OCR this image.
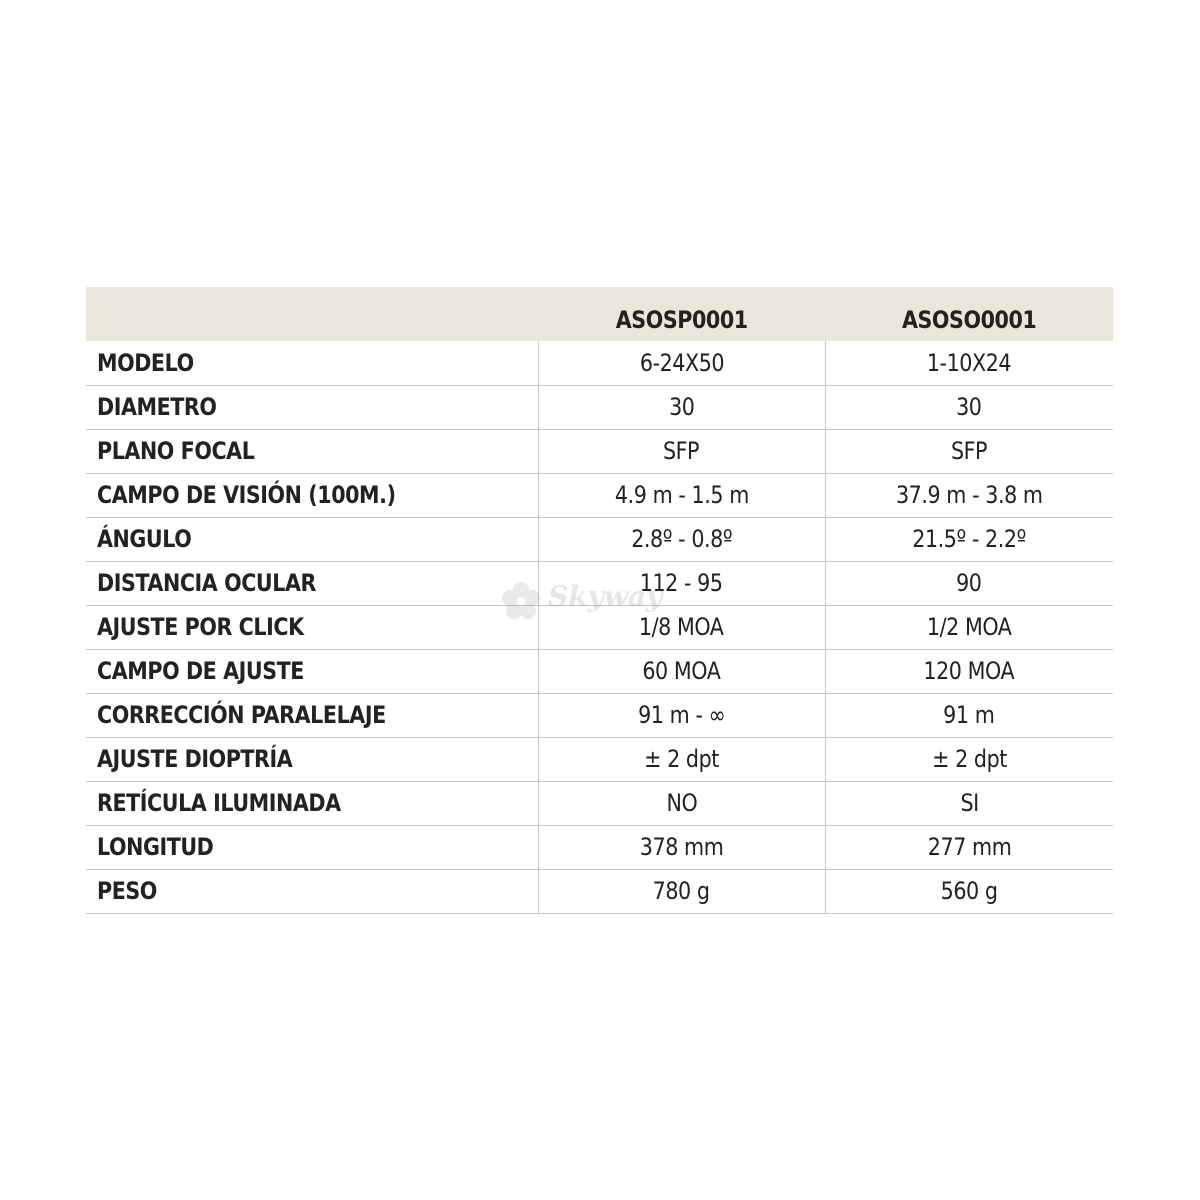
	ASOSP0001	ASOSO0001
MODELO	6-24X50	1-10X24
DIAMETRO	30	30
PLANO FOCAL	SFP	SFP
CAMPO DE VISIÓN (100M.)	4.9 m - 1.5 m	37.9 m - 3.8 m
ÁNGULO	2.8º - 0.8º	21.5º - 2.2º
DISTANCIA OCULAR	112 - 95	90
AJUSTE POR CLICK	1/8 MOA	1/2 MOA
CAMPO DE AJUSTE	60 MOA	120 MOA
CORRECCIÓN PARALELAJE	91 m - ∞	91 m
AJUSTE DIOPTRÍA	± 2 dpt	± 2 dpt
RETÍCULA ILUMINADA	NO	SI
LONGITUD	378 mm	277 mm
PESO	780 g	560 g
Skyway
